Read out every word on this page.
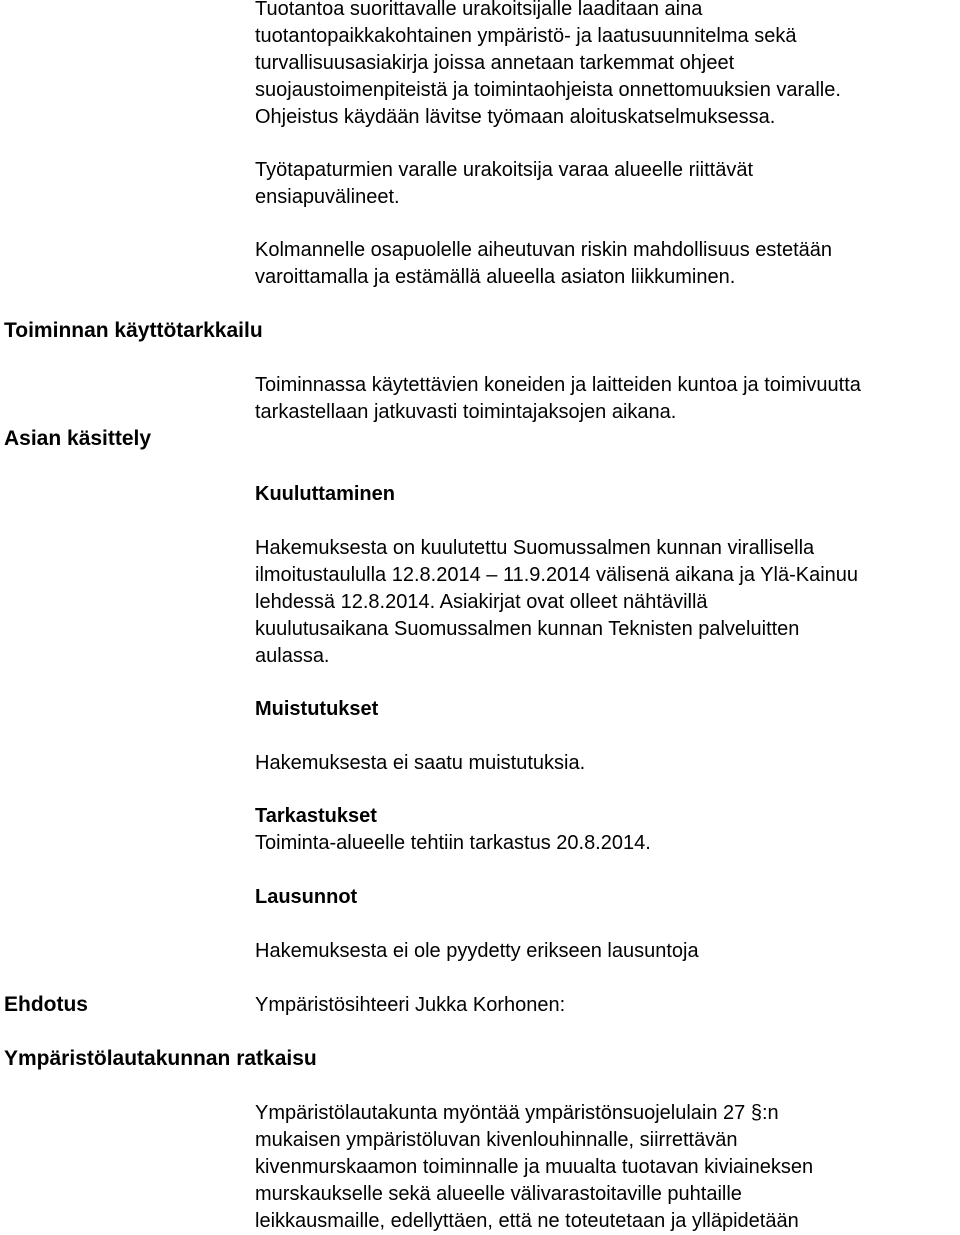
Toiminnan käyttötarkkailu
Asian käsittely
Ehdotus
Ympäristölautakunnan ratkaisu
Tuotantoa suorittavalle urakoitsijalle laaditaan aina
tuotantopaikkakohtainen ympäristö- ja laatusuunnitelma sekä
turvallisuusasiakirja joissa annetaan tarkemmat ohjeet
suojaustoimenpiteistä ja toimintaohjeista onnettomuuksien varalle.
Ohjeistus käydään lävitse työmaan aloituskatselmuksessa.
Työtapaturmien varalle urakoitsija varaa alueelle riittävät
ensiapuvälineet.
Kolmannelle osapuolelle aiheutuvan riskin mahdollisuus estetään
varoittamalla ja estämällä alueella asiaton liikkuminen.
Toiminnassa käytettävien koneiden ja laitteiden kuntoa ja toimivuutta
tarkastellaan jatkuvasti toimintajaksojen aikana.
Kuuluttaminen
Hakemuksesta on kuulutettu Suomussalmen kunnan virallisella
ilmoitustaululla 12.8.2014 – 11.9.2014 välisenä aikana ja Ylä-Kainuu
lehdessä 12.8.2014. Asiakirjat ovat olleet nähtävillä
kuulutusaikana Suomussalmen kunnan Teknisten palveluitten
aulassa.
Muistutukset
Hakemuksesta ei saatu muistutuksia.
Tarkastukset
Toiminta-alueelle tehtiin tarkastus 20.8.2014.
Lausunnot
Hakemuksesta ei ole pyydetty erikseen lausuntoja
Ympäristösihteeri Jukka Korhonen:
Ympäristölautakunta myöntää ympäristönsuojelulain 27 §:n
mukaisen ympäristöluvan kivenlouhinnalle, siirrettävän
kivenmurskaamon toiminnalle ja muualta tuotavan kiviaineksen
murskaukselle sekä alueelle välivarastoitaville puhtaille
leikkausmaille, edellyttäen, että ne toteutetaan ja ylläpidetään
